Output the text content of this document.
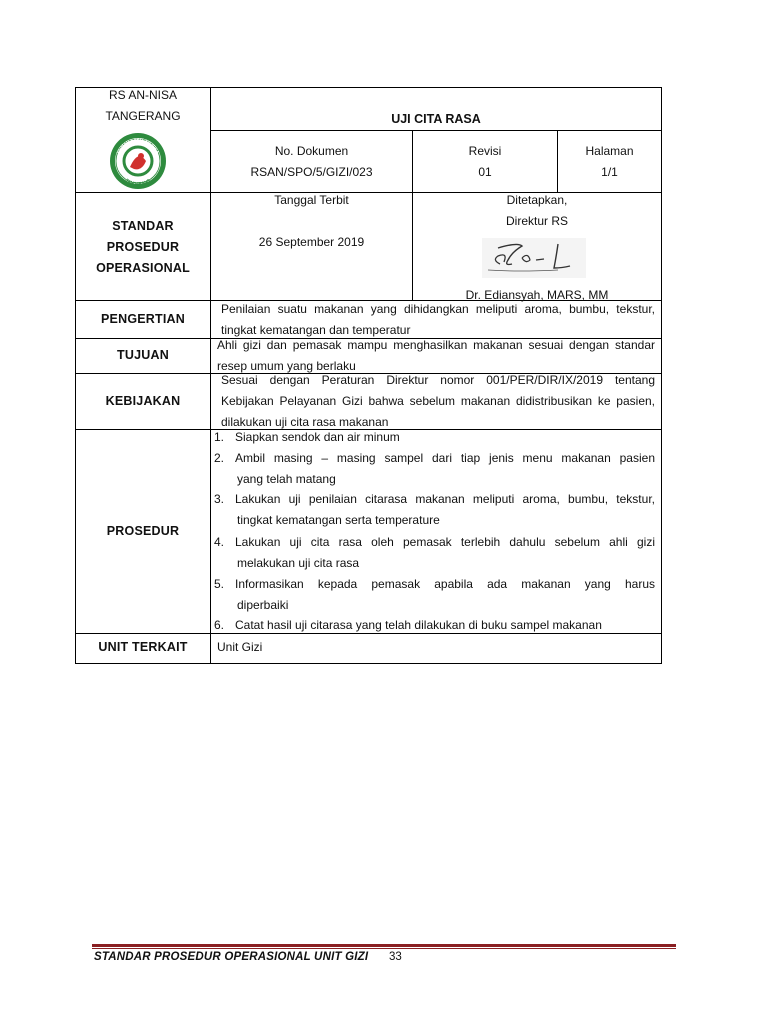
RS AN-NISA
TANGERANG
RUMAH SAKIT AN-NISA
TANGERANG
UJI CITA RASA
No. Dokumen
RSAN/SPO/5/GIZI/023
Revisi
01
Halaman
1/1
STANDAR
PROSEDUR
OPERASIONAL
Tanggal Terbit
26 September 2019
Ditetapkan,
Direktur RS
Dr. Ediansyah, MARS, MM
PENGERTIAN
Penilaian suatu makanan yang dihidangkan meliputi aroma, bumbu, tekstur, tingkat kematangan dan temperatur
TUJUAN
Ahli gizi dan pemasak mampu menghasilkan makanan sesuai dengan standar resep umum yang berlaku
KEBIJAKAN
Sesuai dengan Peraturan Direktur nomor 001/PER/DIR/IX/2019 tentang Kebijakan Pelayanan Gizi bahwa sebelum makanan didistribusikan ke pasien, dilakukan uji cita rasa makanan
PROSEDUR
1. Siapkan sendok dan air minum
2. Ambil masing – masing sampel dari tiap jenis menu makanan pasien
yang telah matang
3. Lakukan uji penilaian citarasa makanan meliputi aroma, bumbu, tekstur,
tingkat kematangan serta temperature
4. Lakukan uji cita rasa oleh pemasak terlebih dahulu sebelum ahli gizi
melakukan uji cita rasa
5. Informasikan kepada pemasak apabila ada makanan yang harus
diperbaiki
6. Catat hasil uji citarasa yang telah dilakukan di buku sampel makanan
UNIT TERKAIT	Unit Gizi
STANDAR PROSEDUR OPERASIONAL UNIT GIZI 33
